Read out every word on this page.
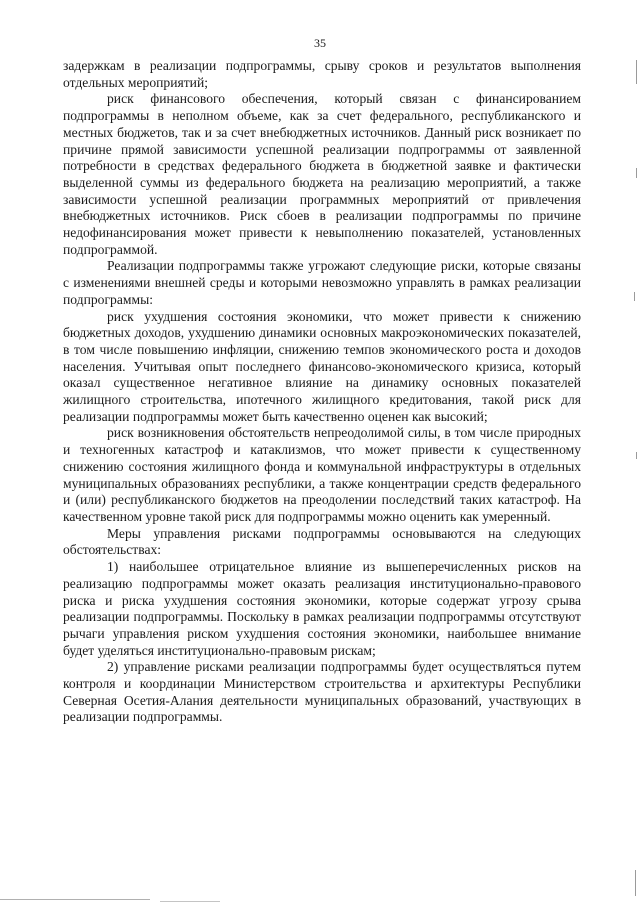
35

задержкам в реализации подпрограммы, срыву сроков и результатов выполнения отдельных мероприятий;

риск финансового обеспечения, который связан с финансированием подпрограммы в неполном объеме, как за счет федерального, республиканского и местных бюджетов, так и за счет внебюджетных источников. Данный риск возникает по причине прямой зависимости успешной реализации подпрограммы от заявленной потребности в средствах федерального бюджета в бюджетной заявке и фактически выделенной суммы из федерального бюджета на реализацию мероприятий, а также зависимости успешной реализации программных мероприятий от привлечения внебюджетных источников. Риск сбоев в реализации подпрограммы по причине недофинансирования может привести к невыполнению показателей, установленных подпрограммой.

Реализации подпрограммы также угрожают следующие риски, которые связаны с изменениями внешней среды и которыми невозможно управлять в рамках реализации подпрограммы:

риск ухудшения состояния экономики, что может привести к снижению бюджетных доходов, ухудшению динамики основных макроэкономических показателей, в том числе повышению инфляции, снижению темпов экономического роста и доходов населения. Учитывая опыт последнего финансово-экономического кризиса, который оказал существенное негативное влияние на динамику основных показателей жилищного строительства, ипотечного жилищного кредитования, такой риск для реализации подпрограммы может быть качественно оценен как высокий;

риск возникновения обстоятельств непреодолимой силы, в том числе природных и техногенных катастроф и катаклизмов, что может привести к существенному снижению состояния жилищного фонда и коммунальной инфраструктуры в отдельных муниципальных образованиях республики, а также концентрации средств федерального и (или) республиканского бюджетов на преодолении последствий таких катастроф. На качественном уровне такой риск для подпрограммы можно оценить как умеренный.

Меры управления рисками подпрограммы основываются на следующих обстоятельствах:

1) наибольшее отрицательное влияние из вышеперечисленных рисков на реализацию подпрограммы может оказать реализация институционально-правового риска и риска ухудшения состояния экономики, которые содержат угрозу срыва реализации подпрограммы. Поскольку в рамках реализации подпрограммы отсутствуют рычаги управления риском ухудшения состояния экономики, наибольшее внимание будет уделяться институционально-правовым рискам;

2) управление рисками реализации подпрограммы будет осуществляться путем контроля и координации Министерством строительства и архитектуры Республики Северная Осетия-Алания деятельности муниципальных образований, участвующих в реализации подпрограммы.
